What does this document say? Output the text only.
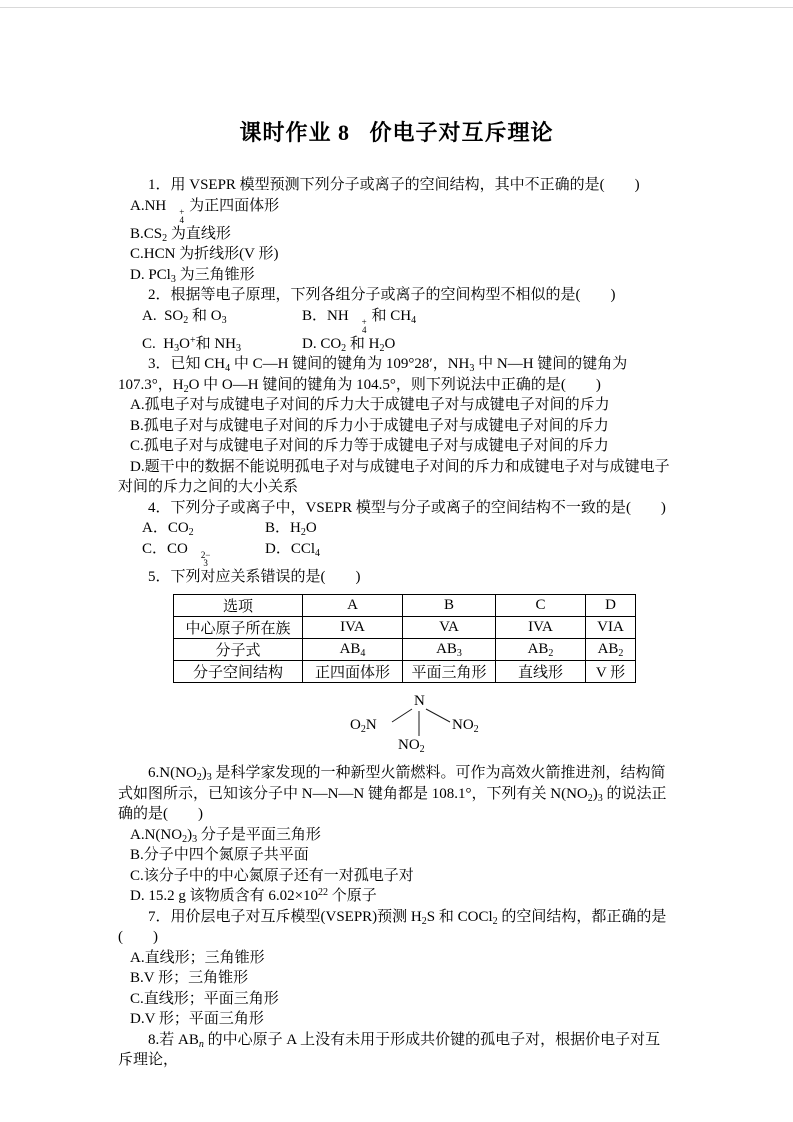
课时作业 8   价电子对互斥理论

1．用 VSEPR 模型预测下列分子或离子的空间结构，其中不正确的是(        )

A.NH	+
4
为正四面体形

$B.CS_2$ 为直线形

C.HCN 为折线形(V 形)

D. PCl$_3$ 为三角锥形

2．根据等电子原理，下列各组分子或离子的空间构型不相似的是(        )

A.  $SO_2$ 和 $O_3$	B．NH	+
4
和 $CH_4$

C.  $H_3O^+$和 $NH_3$	D. $CO_2$ 和 $H_2O$

3．已知 $CH_4$ 中 C—H 键间的键角为 109°28′，$NH_3$ 中 N—H 键间的键角为 107.3°，$H_2O$ 中 O—H 键间的键角为 104.5°，则下列说法中正确的是(        )

A.孤电子对与成键电子对间的斥力大于成键电子对与成键电子对间的斥力

B.孤电子对与成键电子对间的斥力小于成键电子对与成键电子对间的斥力

C.孤电子对与成键电子对间的斥力等于成键电子对与成键电子对间的斥力

D.题干中的数据不能说明孤电子对与成键电子对间的斥力和成键电子对与成键电子对间的斥力之间的大小关系

4．下列分子或离子中，VSEPR 模型与分子或离子的空间结构不一致的是(        )

A．$CO_2$	B．$H_2O$

C．CO	2−
3
D．CCl$_4$

5．下列对应关系错误的是(        )

选项	A	B	C	D
中心原子所在族	IVA	VA	IVA	VIA
分子式	$AB_4$	$AB_3$	$AB_2$	$AB_2$
分子空间结构	正四面体形	平面三角形	直线形	V 形
N
$O_2N$	$NO_2$
$NO_2$

$6.N(NO_2)_3$ 是科学家发现的一种新型火箭燃料。可作为高效火箭推进剂，结构简式如图所示，已知该分子中 N—N—N 键角都是 108.1°，下列有关 $N(NO_2)_3$ 的说法正确的是(        )

$A.N(NO_2)_3$ 分子是平面三角形

B.分子中四个氮原子共平面

C.该分子中的中心氮原子还有一对孤电子对

D. 15.2 g 该物质含有 $6.02\times 10^{22}$ 个原子

7．用价层电子对互斥模型(VSEPR)预测 $H_2S$ 和 COCl$_2$ 的空间结构，都正确的是(        )

A.直线形；三角锥形

B.V 形；三角锥形

C.直线形；平面三角形

D.V 形；平面三角形

8.若 $AB_n$ 的中心原子 A 上没有未用于形成共价键的孤电子对，根据价电子对互斥理论，
